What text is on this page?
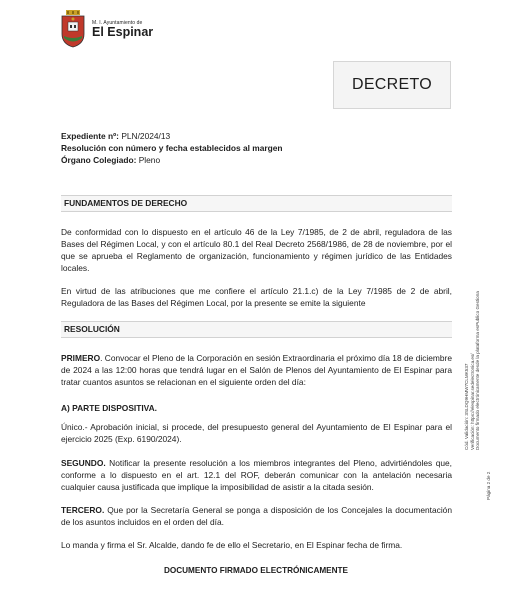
M. I. Ayuntamiento de
El Espinar
DECRETO
Expediente nº: PLN/2024/13
Resolución con número y fecha establecidos al margen
Órgano Colegiado: Pleno
FUNDAMENTOS DE DERECHO

De conformidad con lo dispuesto en el artículo 46 de la Ley 7/1985, de 2 de abril, reguladora de las Bases del Régimen Local, y con el artículo 80.1 del Real Decreto 2568/1986, de 28 de noviembre, por el que se aprueba el Reglamento de organización, funcionamiento y régimen jurídico de las Entidades locales.

En virtud de las atribuciones que me confiere el artículo 21.1.c) de la Ley 7/1985 de 2 de abril, Reguladora de las Bases del Régimen Local, por la presente se emite la siguiente

RESOLUCIÓN

PRIMERO. Convocar el Pleno de la Corporación en sesión Extraordinaria el próximo día 18 de diciembre de 2024 a las 12:00 horas que tendrá lugar en el Salón de Plenos del Ayuntamiento de El Espinar para tratar cuantos asuntos se relacionan en el siguiente orden del día:

A) PARTE DISPOSITIVA.

Único.- Aprobación inicial, si procede, del presupuesto general del Ayuntamiento de El Espinar para el ejercicio 2025 (Exp. 6190/2024).

SEGUNDO. Notificar la presente resolución a los miembros integrantes del Pleno, advirtiéndoles que, conforme a lo dispuesto en el art. 12.1 del ROF, deberán comunicar con la antelación necesaria cualquier causa justificada que implique la imposibilidad de asistir a la citada sesión.

TERCERO. Que por la Secretaría General se ponga a disposición de los Concejales la documentación de los asuntos incluidos en el orden del día.

Lo manda y firma el Sr. Alcalde, dando fe de ello el Secretario, en El Espinar fecha de firma.

DOCUMENTO FIRMADO ELECTRÓNICAMENTE
Cód. Validación: 3SLDQ9HMW7CLMK537 Verificación: https://elespinar.sedelectronica.es/ Documento firmado electrónicamente desde la plataforma esPublico Gestiona
Página 2 de 2
